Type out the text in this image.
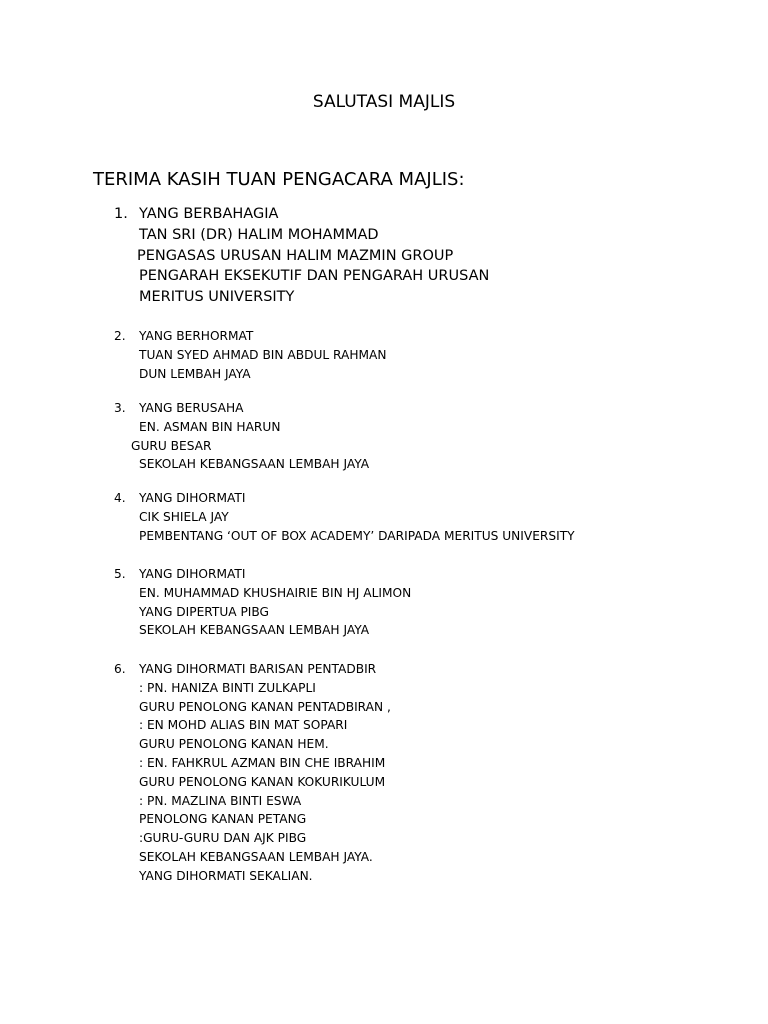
SALUTASI MAJLIS
TERIMA KASIH TUAN PENGACARA MAJLIS:
1. YANG BERBAHAGIA
TAN SRI (DR) HALIM MOHAMMAD
PENGASAS URUSAN HALIM MAZMIN GROUP
PENGARAH EKSEKUTIF DAN PENGARAH URUSAN
MERITUS UNIVERSITY
2. YANG BERHORMAT
TUAN SYED AHMAD BIN ABDUL RAHMAN
DUN LEMBAH JAYA
3. YANG BERUSAHA
EN. ASMAN BIN HARUN
GURU BESAR
SEKOLAH KEBANGSAAN LEMBAH JAYA
4. YANG DIHORMATI
CIK SHIELA JAY
PEMBENTANG ‘OUT OF BOX ACADEMY’ DARIPADA MERITUS UNIVERSITY
5. YANG DIHORMATI
EN. MUHAMMAD KHUSHAIRIE BIN HJ ALIMON
YANG DIPERTUA PIBG
SEKOLAH KEBANGSAAN LEMBAH JAYA
6. YANG DIHORMATI BARISAN PENTADBIR
: PN. HANIZA BINTI ZULKAPLI
GURU PENOLONG KANAN PENTADBIRAN ,
: EN MOHD ALIAS BIN MAT SOPARI
GURU PENOLONG KANAN HEM.
: EN. FAHKRUL AZMAN BIN CHE IBRAHIM
GURU PENOLONG KANAN KOKURIKULUM
: PN. MAZLINA BINTI ESWA
PENOLONG KANAN PETANG
:GURU-GURU DAN AJK PIBG
SEKOLAH KEBANGSAAN LEMBAH JAYA.
YANG DIHORMATI SEKALIAN.
